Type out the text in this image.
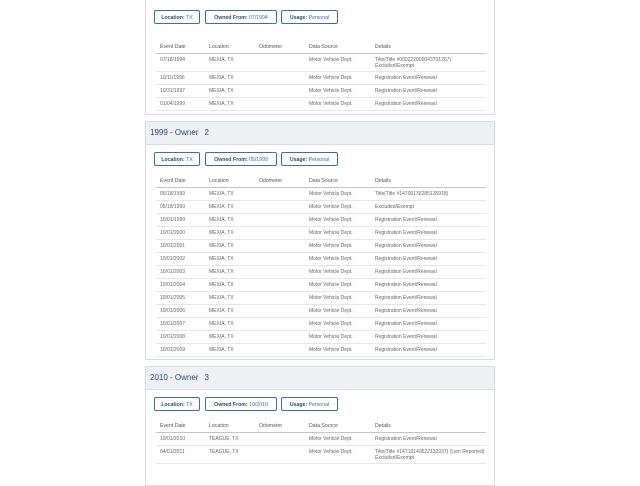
Location: TX	Owned From: 07/1994	Usage: Personal
Event Date	Location	Odometer	Data Source	Details
07/18/1994	MEXIA, TX	Motor Vehicle Dept.	Title(Title #00022200004370126​7) Excluded/Exempt
10/11/1996	MEXIA, TX	Motor Vehicle Dept.	Registration Event/Renewal
10/31/1997	MEXIA, TX	Motor Vehicle Dept.	Registration Event/Renewal
01/04/1999	MEXIA, TX	Motor Vehicle Dept.	Registration Event/Renewal
1999 - Owner 2
Location: TX	Owned From: 05/1999	Usage: Personal
Event Date	Location	Odometer	Data Source	Details
05/18/1999	MEXIA, TX	Motor Vehicle Dept.	Title(Title #14700136285135918)
05/18/1999	MEXIA, TX	Motor Vehicle Dept.	Excluded/Exempt
10/01/1999	MEXIA, TX	Motor Vehicle Dept.	Registration Event/Renewal
10/01/2000	MEXIA, TX	Motor Vehicle Dept.	Registration Event/Renewal
10/01/2001	MEXIA, TX	Motor Vehicle Dept.	Registration Event/Renewal
10/01/2002	MEXIA, TX	Motor Vehicle Dept.	Registration Event/Renewal
10/01/2003	MEXIA, TX	Motor Vehicle Dept.	Registration Event/Renewal
10/01/2004	MEXIA, TX	Motor Vehicle Dept.	Registration Event/Renewal
10/01/2005	MEXIA, TX	Motor Vehicle Dept.	Registration Event/Renewal
10/01/2006	MEXIA, TX	Motor Vehicle Dept.	Registration Event/Renewal
10/01/2007	MEXIA, TX	Motor Vehicle Dept.	Registration Event/Renewal
10/01/2008	MEXIA, TX	Motor Vehicle Dept.	Registration Event/Renewal
10/01/2009	MEXIA, TX	Motor Vehicle Dept.	Registration Event/Renewal
2010 - Owner 3
Location: TX	Owned From: 10/2010	Usage: Personal
Event Date	Location	Odometer	Data Source	Details
10/01/2010	TEAGUE, TX	Motor Vehicle Dept.	Registration Event/Renewal
04/01/2011	TEAGUE, TX	Motor Vehicle Dept.	Title(Title #14710140622132937) (Lien Reported) Excluded/Exempt
